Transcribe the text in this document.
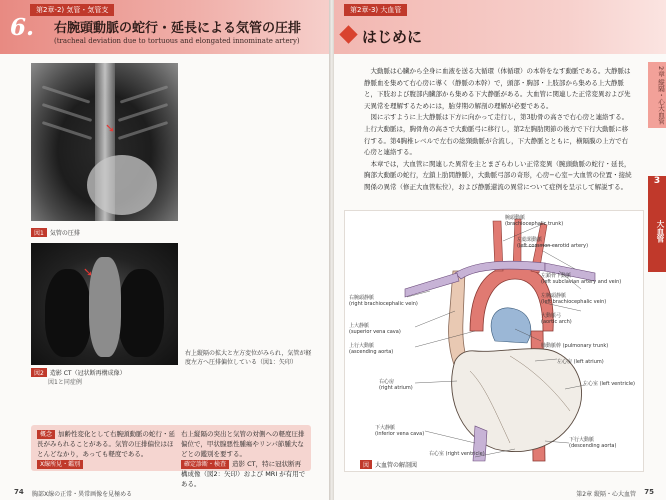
第2章-2) 気管・気管支
6. 右腕頭動脈の蛇行・延長による気管の圧排
(tracheal deviation due to tortuous and elongated innominate artery)
➘
図1 気管の圧排
➘
図2 造影 CT（冠状断再構成像）
図1と同症例
右上縦隔の拡大と左方変位がみられ，気管が軽度左方へ圧排偏位している（図1：矢印）
概念 加齢性変化として右腕頭動脈の蛇行・延長がみられることがある。気管の圧排偏位はほとんどなかり，あっても軽度である。
X線所見・鑑別
右上縦隔の突出と気管の対側への軽度圧排偏位で，甲状腺悪性腫瘍やリンパ節腫大などとの鑑別を要する。
確定診断・検査 造影 CT，特に冠状断再構成像（図2：矢印）および MRI が有用である。
74 胸部X線の正常・異常画像を見極める
第2章-3) 大血管
はじめに
2章 縦隔・心大血管
3
大血管

大動脈は心臓から全身に血液を送る大循環（体循環）の本幹をなす動脈である。大静脈は静脈血を集めて右心房に導く（静脈の本幹）で，頭部・胸部・上肢部から集める上大静脈と，下肢および腹部内臓部から集める下大静脈がある。大血管に関連した正常変異および先天異常を理解するためには，胎芽期の解剖の理解が必要である。

図に示すように上大静脈は下方に向かって走行し，第3肋骨の高さで右心房と連絡する。上行大動脈は，胸骨角の高さで大動脈弓に移行し，第2左胸肋関節の後方で下行大動脈に移行する。第4胸椎レベルで左右の総頸動脈が合流し，下大静脈とともに，横隔膜の上方で右心房と連絡する。

本章では，大血管に関連した異常を主とまざらわしい正常変異（腕頭動脈の蛇行・延長，胸部大動脈の蛇行，左鎖上肋間静脈），大動脈弓部の奇形，心房−心室−大血管の位置・接続関係の異常（修正大血管転位），および静脈還流の異常について症例を呈示して解説する。

腕頭動脈
(brachiocephalic trunk)
左総頸動脈
(left common carotid artery)
左鎖骨下動脈
(left subclavian artery and vein)
左腕頭静脈
(left brachiocephalic vein)
大動脈弓
(aortic arch)
右腕頭静脈
(right brachiocephalic vein)
上大静脈
(superior vena cava)
上行大動脈
(ascending aorta)
肺動脈幹 (pulmonary trunk)
左心房 (left atrium)
右心房
(right atrium)
左心室 (left ventricle)
下大静脈
(inferior vena cava)
右心室 (right ventricle)
下行大動脈
(descending aorta)
図 大血管の解剖図
第2章 縦隔・心大血管 75
